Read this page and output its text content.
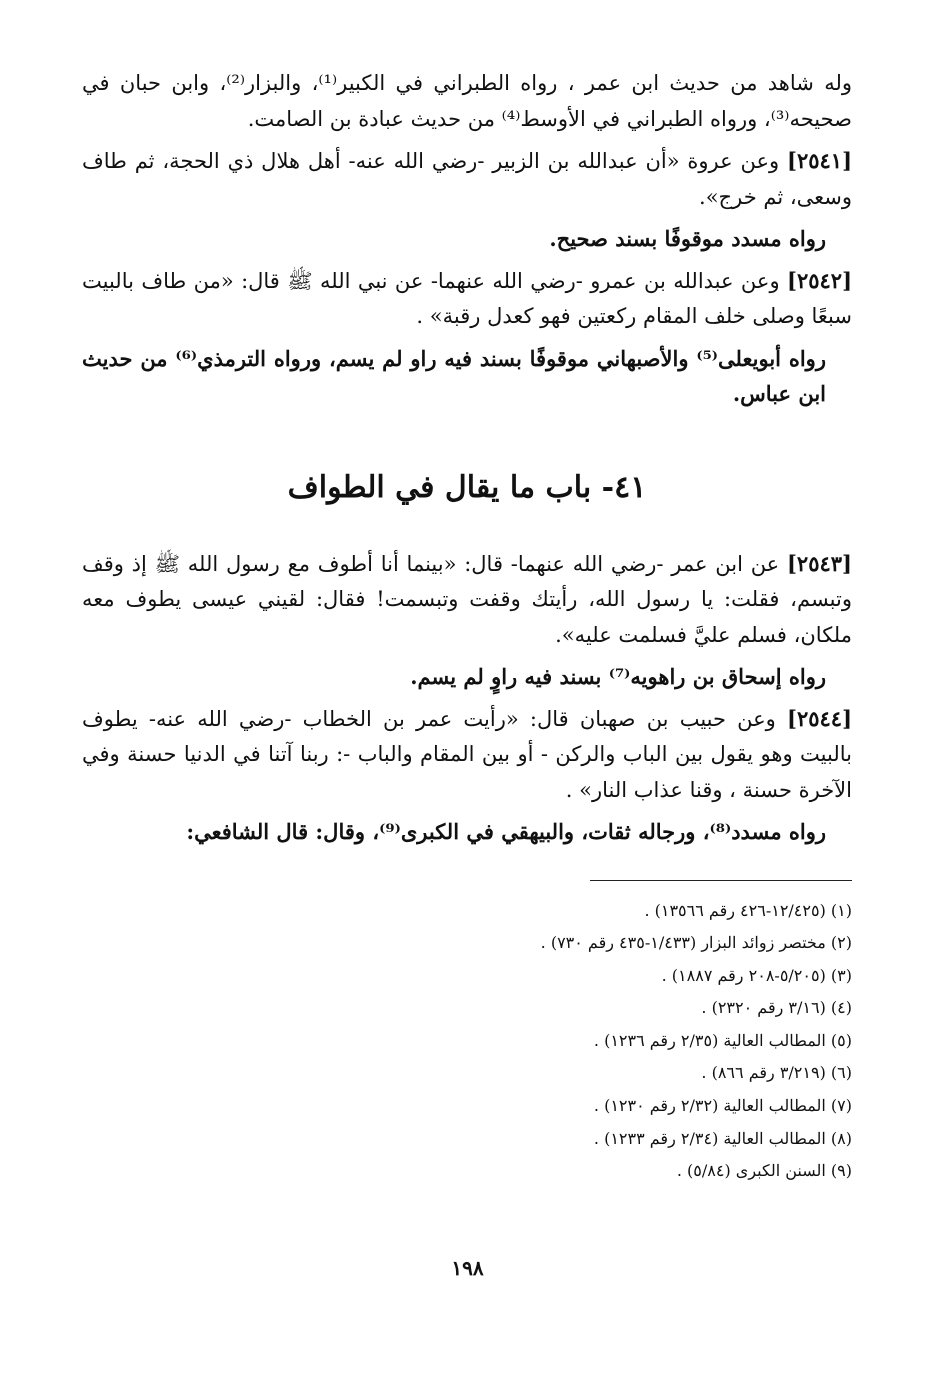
وله شاهد من حديث ابن عمر ، رواه الطبراني في الكبير⁽¹⁾، والبزار⁽²⁾، وابن حبان في صحيحه⁽³⁾، ورواه الطبراني في الأوسط⁽⁴⁾ من حديث عبادة بن الصامت.

[٢٥٤١] وعن عروة «أن عبدالله بن الزبير -رضي الله عنه- أهل هلال ذي الحجة، ثم طاف وسعى، ثم خرج».

رواه مسدد موقوفًا بسند صحيح.

[٢٥٤٢] وعن عبدالله بن عمرو -رضي الله عنهما- عن نبي الله ﷺ قال: «من طاف بالبيت سبعًا وصلى خلف المقام ركعتين فهو كعدل رقبة» .

رواه أبويعلى⁽⁵⁾ والأصبهاني موقوفًا بسند فيه راو لم يسم، ورواه الترمذي⁽⁶⁾ من حديث ابن عباس.

٤١- باب ما يقال في الطواف

[٢٥٤٣] عن ابن عمر -رضي الله عنهما- قال: «بينما أنا أطوف مع رسول الله ﷺ إذ وقف وتبسم، فقلت: يا رسول الله، رأيتك وقفت وتبسمت! فقال: لقيني عيسى يطوف معه ملكان، فسلم عليَّ فسلمت عليه».

رواه إسحاق بن راهويه⁽⁷⁾ بسند فيه راوٍ لم يسم.

[٢٥٤٤] وعن حبيب بن صهبان قال: «رأيت عمر بن الخطاب -رضي الله عنه- يطوف بالبيت وهو يقول بين الباب والركن - أو بين المقام والباب -: ربنا آتنا في الدنيا حسنة وفي الآخرة حسنة ، وقنا عذاب النار» .

رواه مسدد⁽⁸⁾، ورجاله ثقات، والبيهقي في الكبرى⁽⁹⁾، وقال: قال الشافعي:

(١) (١٢/٤٢٥-٤٢٦ رقم ١٣٥٦٦) .
(٢) مختصر زوائد البزار (١/٤٣٣-٤٣٥ رقم ٧٣٠) .
(٣) (٥/٢٠٥-٢٠٨ رقم ١٨٨٧) .
(٤) (٣/١٦ رقم ٢٣٢٠) .
(٥) المطالب العالية (٢/٣٥ رقم ١٢٣٦) .
(٦) (٣/٢١٩ رقم ٨٦٦) .
(٧) المطالب العالية (٢/٣٢ رقم ١٢٣٠) .
(٨) المطالب العالية (٢/٣٤ رقم ١٢٣٣) .
(٩) السنن الكبرى (٥/٨٤) .
١٩٨
